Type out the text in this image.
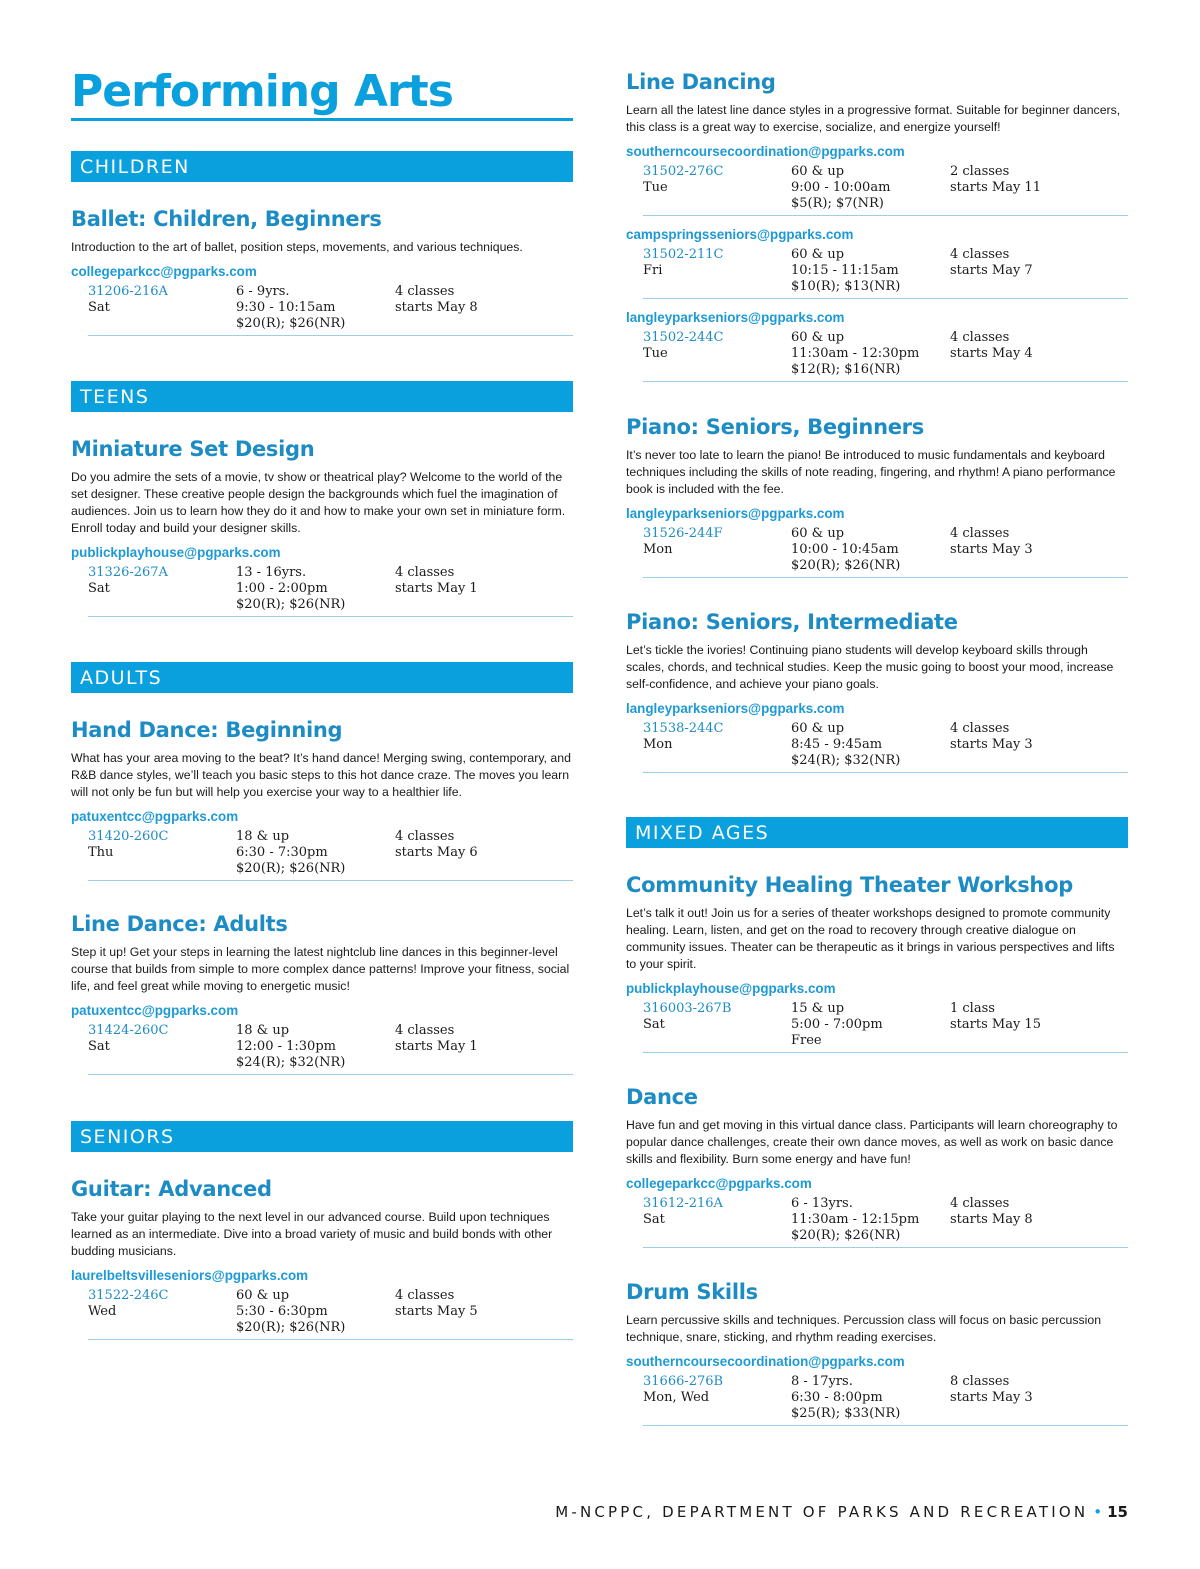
Performing Arts
CHILDREN
Ballet: Children, Beginners

Introduction to the art of ballet, position steps, movements, and various techniques.

collegeparkcc@pgparks.com
31206-216A
Sat
6 - 9yrs.
9:30 - 10:15am
$20(R); $26(NR)
4 classes
starts May 8
TEENS
Miniature Set Design

Do you admire the sets of a movie, tv show or theatrical play? Welcome to the world of the set designer. These creative people design the backgrounds which fuel the imagination of audiences. Join us to learn how they do it and how to make your own set in miniature form. Enroll today and build your designer skills.

publickplayhouse@pgparks.com
31326-267A
Sat
13 - 16yrs.
1:00 - 2:00pm
$20(R); $26(NR)
4 classes
starts May 1
ADULTS
Hand Dance: Beginning

What has your area moving to the beat? It’s hand dance! Merging swing, contemporary, and R&B dance styles, we’ll teach you basic steps to this hot dance craze. The moves you learn will not only be fun but will help you exercise your way to a healthier life.

patuxentcc@pgparks.com
31420-260C
Thu
18 & up
6:30 - 7:30pm
$20(R); $26(NR)
4 classes
starts May 6
Line Dance: Adults

Step it up! Get your steps in learning the latest nightclub line dances in this beginner-level course that builds from simple to more complex dance patterns! Improve your fitness, social life, and feel great while moving to energetic music!

patuxentcc@pgparks.com
31424-260C
Sat
18 & up
12:00 - 1:30pm
$24(R); $32(NR)
4 classes
starts May 1
SENIORS
Guitar: Advanced

Take your guitar playing to the next level in our advanced course. Build upon techniques learned as an intermediate. Dive into a broad variety of music and build bonds with other budding musicians.

laurelbeltsvilleseniors@pgparks.com
31522-246C
Wed
60 & up
5:30 - 6:30pm
$20(R); $26(NR)
4 classes
starts May 5
Line Dancing

Learn all the latest line dance styles in a progressive format. Suitable for beginner dancers, this class is a great way to exercise, socialize, and energize yourself!

southerncoursecoordination@pgparks.com
31502-276C
Tue
60 & up
9:00 - 10:00am
$5(R); $7(NR)
2 classes
starts May 11
campspringsseniors@pgparks.com
31502-211C
Fri
60 & up
10:15 - 11:15am
$10(R); $13(NR)
4 classes
starts May 7
langleyparkseniors@pgparks.com
31502-244C
Tue
60 & up
11:30am - 12:30pm
$12(R); $16(NR)
4 classes
starts May 4
Piano: Seniors, Beginners

It’s never too late to learn the piano! Be introduced to music fundamentals and keyboard techniques including the skills of note reading, fingering, and rhythm! A piano performance book is included with the fee.

langleyparkseniors@pgparks.com
31526-244F
Mon
60 & up
10:00 - 10:45am
$20(R); $26(NR)
4 classes
starts May 3
Piano: Seniors, Intermediate

Let’s tickle the ivories! Continuing piano students will develop keyboard skills through scales, chords, and technical studies. Keep the music going to boost your mood, increase self-confidence, and achieve your piano goals.

langleyparkseniors@pgparks.com
31538-244C
Mon
60 & up
8:45 - 9:45am
$24(R); $32(NR)
4 classes
starts May 3
MIXED AGES
Community Healing Theater Workshop

Let’s talk it out! Join us for a series of theater workshops designed to promote community healing. Learn, listen, and get on the road to recovery through creative dialogue on community issues. Theater can be therapeutic as it brings in various perspectives and lifts to your spirit.

publickplayhouse@pgparks.com
316003-267B
Sat
15 & up
5:00 - 7:00pm
Free
1 class
starts May 15
Dance

Have fun and get moving in this virtual dance class. Participants will learn choreography to popular dance challenges, create their own dance moves, as well as work on basic dance skills and flexibility. Burn some energy and have fun!

collegeparkcc@pgparks.com
31612-216A
Sat
6 - 13yrs.
11:30am - 12:15pm
$20(R); $26(NR)
4 classes
starts May 8
Drum Skills

Learn percussive skills and techniques. Percussion class will focus on basic percussion technique, snare, sticking, and rhythm reading exercises.

southerncoursecoordination@pgparks.com
31666-276B
Mon, Wed
8 - 17yrs.
6:30 - 8:00pm
$25(R); $33(NR)
8 classes
starts May 3
M-NCPPC, DEPARTMENT OF PARKS AND RECREATION • 15
